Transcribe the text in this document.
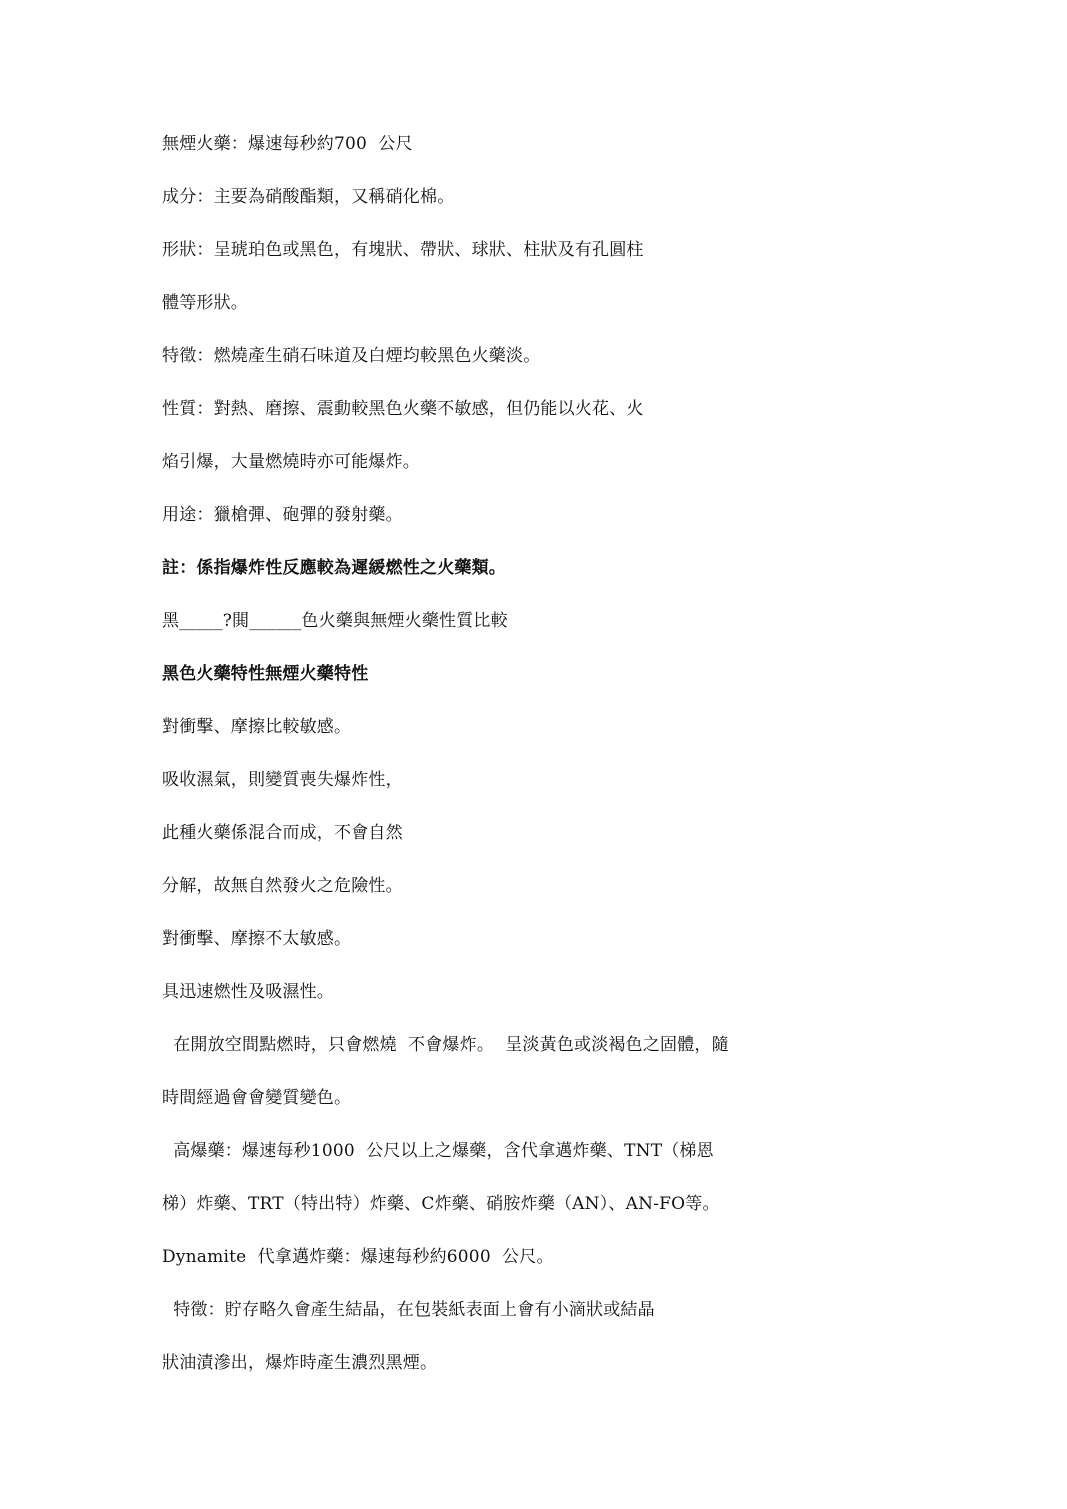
無煙火藥：爆速每秒約700  公尺
成分：主要為硝酸酯類，又稱硝化棉。
形狀：呈琥珀色或黑色，有塊狀、帶狀、球狀、柱狀及有孔圓柱
體等形狀。
特徵：燃燒產生硝石味道及白煙均較黑色火藥淡。
性質：對熱、磨擦、震動較黑色火藥不敏感，但仍能以火花、火
焰引爆，大量燃燒時亦可能爆炸。
用途：獵槍彈、砲彈的發射藥。
註：係指爆炸性反應較為遲緩燃性之火藥類。
黑_____?閧______色火藥與無煙火藥性質比較
黑色火藥特性無煙火藥特性
對衝擊、摩擦比較敏感。
吸收濕氣，則變質喪失爆炸性，
此種火藥係混合而成，不會自然
分解，故無自然發火之危險性。
對衝擊、摩擦不太敏感。
具迅速燃性及吸濕性。
在開放空間點燃時，只會燃燒  不會爆炸。  呈淡黃色或淡褐色之固體，隨
時間經過會會變質變色。
高爆藥：爆速每秒1000  公尺以上之爆藥，含代拿邁炸藥、TNT（梯恩
梯）炸藥、TRT（特出特）炸藥、C炸藥、硝胺炸藥（AN）、AN-FO等。
Dynamite  代拿邁炸藥：爆速每秒約6000  公尺。
特徵：貯存略久會產生結晶，在包裝紙表面上會有小滴狀或結晶
狀油漬滲出，爆炸時產生濃烈黑煙。
